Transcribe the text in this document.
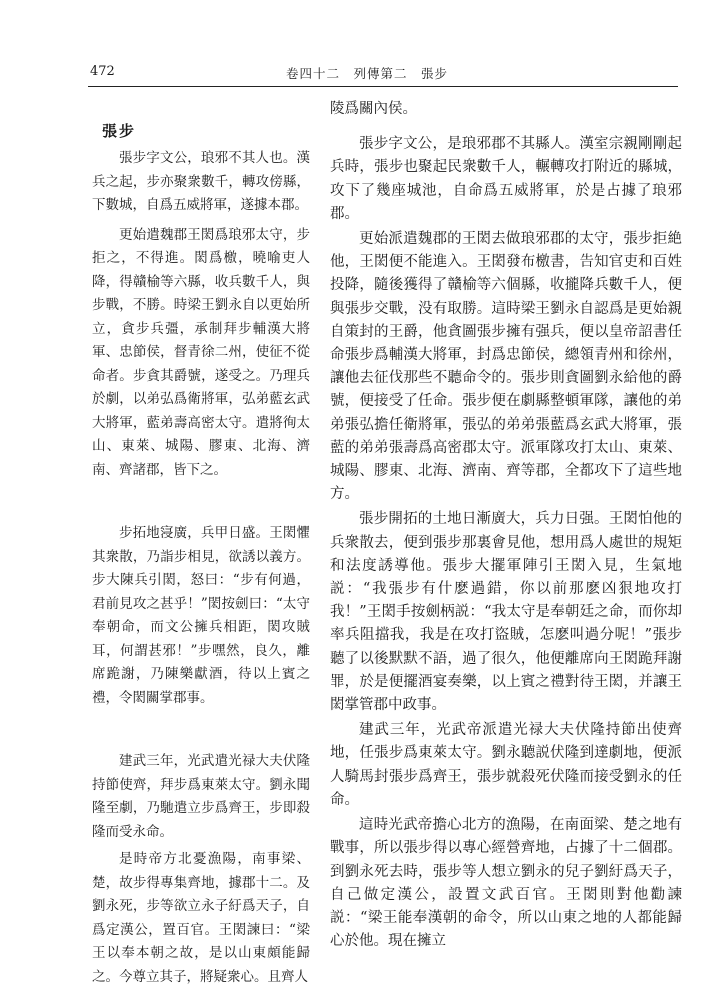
472	卷四十二　列傳第二　張步

張步

張步字文公，琅邪不其人也。漢兵之起，步亦聚衆數千，轉攻傍縣，下數城，自爲五威將軍，遂據本郡。

更始遣魏郡王閎爲琅邪太守，步拒之，不得進。閎爲檄，曉喻吏人降，得贛榆等六縣，收兵數千人，與步戰，不勝。時梁王劉永自以更始所立，貪步兵彊，承制拜步輔漢大將軍、忠節侯，督青徐二州，使征不從命者。步貪其爵號，遂受之。乃理兵於劇，以弟弘爲衛將軍，弘弟藍玄武大將軍，藍弟壽高密太守。遣將徇太山、東萊、城陽、膠東、北海、濟南、齊諸郡，皆下之。

步拓地寖廣，兵甲日盛。王閎懼其衆散，乃詣步相見，欲誘以義方。步大陳兵引閎，怒曰：“步有何過，君前見攻之甚乎！”閎按劍曰：“太守奉朝命，而文公擁兵相距，閎攻賊耳，何謂甚邪！”步嘿然，良久，離席跪謝，乃陳樂獻酒，待以上賓之禮，令閎關掌郡事。

建武三年，光武遣光禄大夫伏隆持節使齊，拜步爲東萊太守。劉永聞隆至劇，乃馳遣立步爲齊王，步即殺隆而受永命。

是時帝方北憂漁陽，南事梁、楚，故步得專集齊地，據郡十二。及劉永死，步等欲立永子紆爲天子，自爲定漢公，置百官。王閎諫曰：“梁王以奉本朝之故，是以山東頗能歸之。今尊立其子，將疑衆心。且齊人

陵爲關內侯。

張步字文公，是琅邪郡不其縣人。漢室宗親剛剛起兵時，張步也聚起民衆數千人，輾轉攻打附近的縣城，攻下了幾座城池，自命爲五威將軍，於是占據了琅邪郡。

更始派遣魏郡的王閎去做琅邪郡的太守，張步拒絶他，王閎便不能進入。王閎發布檄書，告知官吏和百姓投降，隨後獲得了贛榆等六個縣，收攏降兵數千人，便與張步交戰，没有取勝。這時梁王劉永自認爲是更始親自策封的王爵，他貪圖張步擁有强兵，便以皇帝詔書任命張步爲輔漢大將軍，封爲忠節侯，總領青州和徐州，讓他去征伐那些不聽命令的。張步則貪圖劉永給他的爵號，便接受了任命。張步便在劇縣整頓軍隊，讓他的弟弟張弘擔任衛將軍，張弘的弟弟張藍爲玄武大將軍，張藍的弟弟張壽爲高密郡太守。派軍隊攻打太山、東萊、城陽、膠東、北海、濟南、齊等郡，全都攻下了這些地方。

張步開拓的土地日漸廣大，兵力日强。王閎怕他的兵衆散去，便到張步那裏會見他，想用爲人處世的規矩和法度誘導他。張步大擺軍陣引王閎入見，生氣地説：“我張步有什麽過錯，你以前那麽凶狠地攻打我！”王閎手按劍柄説：“我太守是奉朝廷之命，而你却率兵阻擋我，我是在攻打盜賊，怎麽叫過分呢！”張步聽了以後默默不語，過了很久，他便離席向王閎跪拜謝罪，於是便擺酒宴奏樂，以上賓之禮對待王閎，并讓王閎掌管郡中政事。

建武三年，光武帝派遣光禄大夫伏隆持節出使齊地，任張步爲東萊太守。劉永聽説伏隆到達劇地，便派人騎馬封張步爲齊王，張步就殺死伏隆而接受劉永的任命。

這時光武帝擔心北方的漁陽，在南面梁、楚之地有戰事，所以張步得以專心經營齊地，占據了十二個郡。到劉永死去時，張步等人想立劉永的兒子劉紆爲天子，自己做定漢公，設置文武百官。王閎則對他勸諫説：“梁王能奉漢朝的命令，所以山東之地的人都能歸心於他。現在擁立
